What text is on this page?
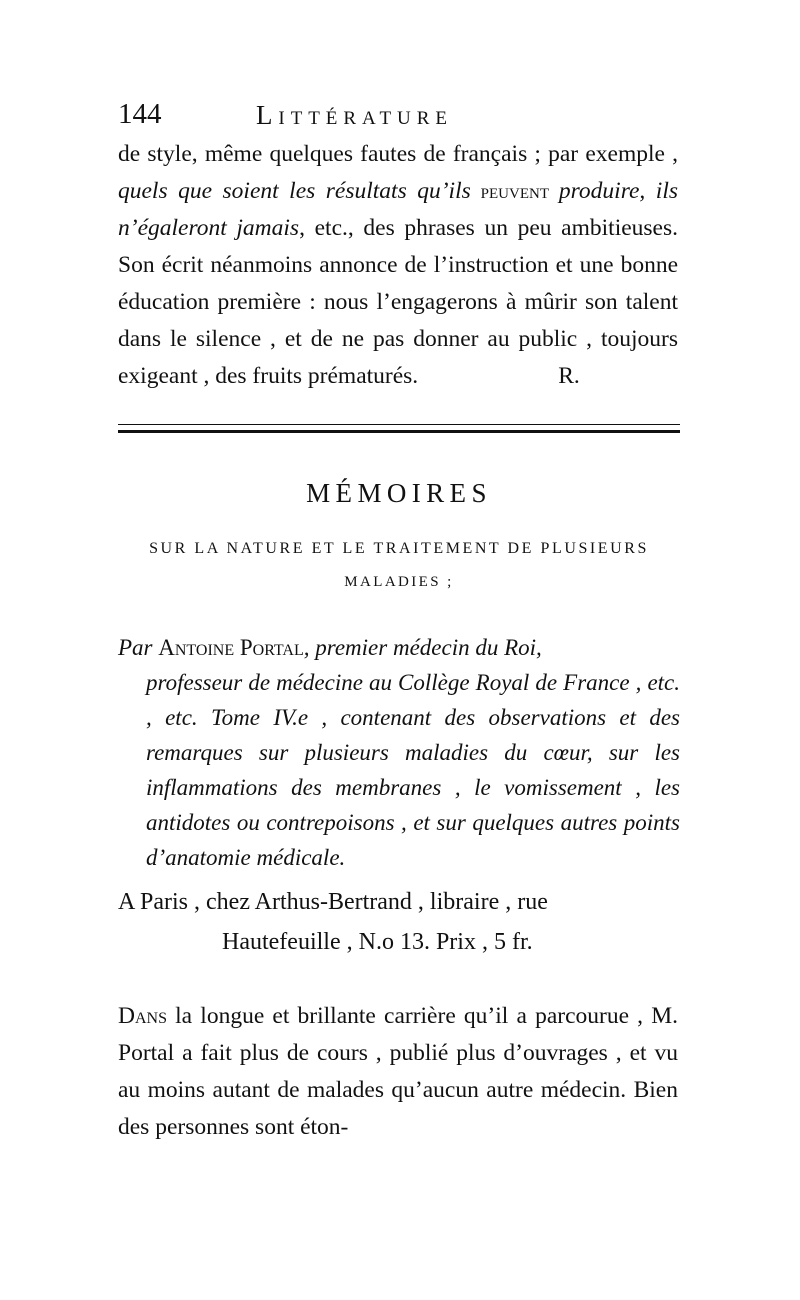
144	Littérature
de style, même quelques fautes de français ; par exemple , quels que soient les résultats qu’ils peuvent produire, ils n’égaleront jamais, etc., des phrases un peu ambitieuses. Son écrit néanmoins annonce de l’instruction et une bonne éducation première : nous l’engagerons à mûrir son talent dans le silence , et de ne pas donner au public , toujours exigeant , des fruits prématurés.	R.
MÉMOIRES
SUR LA NATURE ET LE TRAITEMENT DE PLUSIEURS
MALADIES ;
Par Antoine Portal, premier médecin du Roi,
professeur de médecine au Collège Royal de France , etc. , etc. Tome IV.e , contenant des observations et des remarques sur plusieurs maladies du cœur, sur les inflammations des membranes , le vomissement , les antidotes ou contrepoisons , et sur quelques autres points d’anatomie médicale.
A Paris , chez Arthus-Bertrand , libraire , rue
Hautefeuille , N.o 13. Prix , 5 fr.
Dans la longue et brillante carrière qu’il a parcourue , M. Portal a fait plus de cours , publié plus d’ouvrages , et vu au moins autant de malades qu’aucun autre médecin. Bien des personnes sont éton-
